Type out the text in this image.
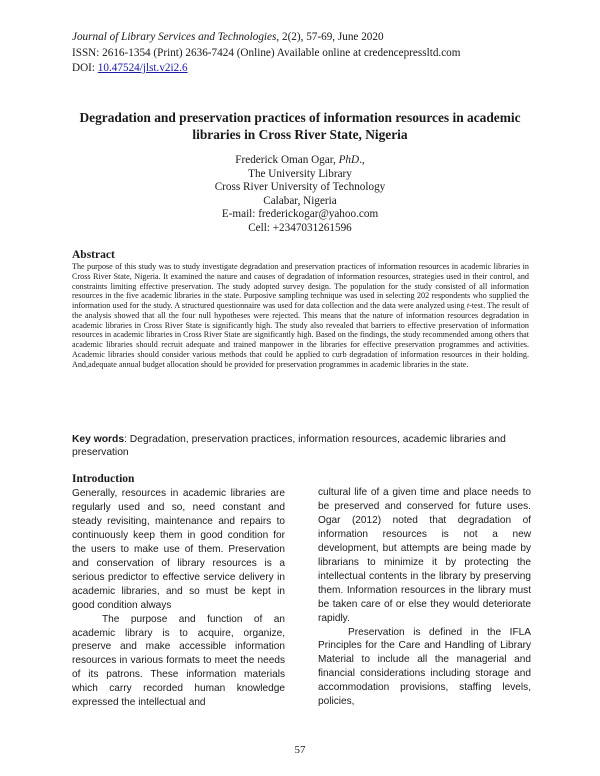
Journal of Library Services and Technologies, 2(2), 57-69, June 2020
ISSN: 2616-1354 (Print) 2636-7424 (Online) Available online at credencepressltd.com
DOI: 10.47524/jlst.v2i2.6
Degradation and preservation practices of information resources in academic libraries in Cross River State, Nigeria
Frederick Oman Ogar, PhD.,
The University Library
Cross River University of Technology
Calabar, Nigeria
E-mail: frederickogar@yahoo.com
Cell: +2347031261596
Abstract
The purpose of this study was to study investigate degradation and preservation practices of information resources in academic libraries in Cross River State, Nigeria. It examined the nature and causes of degradation of information resources, strategies used in their control, and constraints limiting effective preservation. The study adopted survey design. The population for the study consisted of all information resources in the five academic libraries in the state. Purposive sampling technique was used in selecting 202 respondents who supplied the information used for the study. A structured questionnaire was used for data collection and the data were analyzed using t-test. The result of the analysis showed that all the four null hypotheses were rejected. This means that the nature of information resources degradation in academic libraries in Cross River State is significantly high. The study also revealed that barriers to effective preservation of information resources in academic libraries in Cross River State are significantly high. Based on the findings, the study recommended among others that academic libraries should recruit adequate and trained manpower in the libraries for effective preservation programmes and activities. Academic libraries should consider various methods that could be applied to curb degradation of information resources in their holding. And,adequate annual budget allocation should be provided for preservation programmes in academic libraries in the state.
Key words: Degradation, preservation practices, information resources, academic libraries and preservation
Introduction

Generally, resources in academic libraries are regularly used and so, need constant and steady revisiting, maintenance and repairs to continuously keep them in good condition for the users to make use of them. Preservation and conservation of library resources is a serious predictor to effective service delivery in academic libraries, and so must be kept in good condition always

The purpose and function of an academic library is to acquire, organize, preserve and make accessible information resources in various formats to meet the needs of its patrons. These information materials which carry recorded human knowledge expressed the intellectual and

cultural life of a given time and place needs to be preserved and conserved for future uses. Ogar (2012) noted that degradation of information resources is not a new development, but attempts are being made by librarians to minimize it by protecting the intellectual contents in the library by preserving them. Information resources in the library must be taken care of or else they would deteriorate rapidly.

Preservation is defined in the IFLA Principles for the Care and Handling of Library Material to include all the managerial and financial considerations including storage and accommodation provisions, staffing levels, policies,

57
